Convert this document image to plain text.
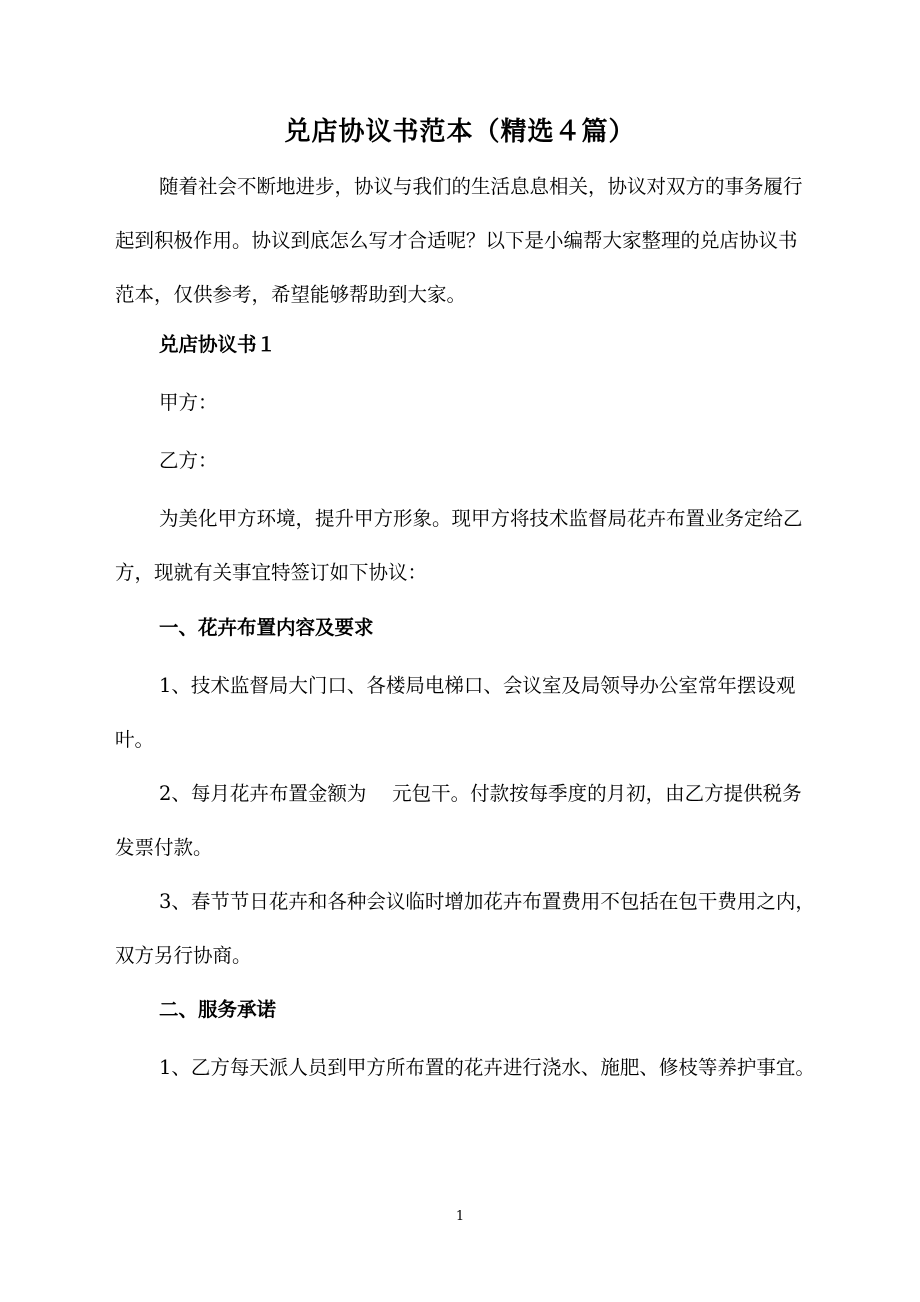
兑店协议书范本（精选４篇）

随着社会不断地进步，协议与我们的生活息息相关，协议对双方的事务履行起到积极作用。协议到底怎么写才合适呢？以下是小编帮大家整理的兑店协议书范本，仅供参考，希望能够帮助到大家。

兑店协议书１

甲方：

乙方：

为美化甲方环境，提升甲方形象。现甲方将技术监督局花卉布置业务定给乙方，现就有关事宜特签订如下协议：

一、花卉布置内容及要求

1、技术监督局大门口、各楼局电梯口、会议室及局领导办公室常年摆设观叶。

2、每月花卉布置金额为　 元包干。付款按每季度的月初，由乙方提供税务发票付款。

3、春节节日花卉和各种会议临时增加花卉布置费用不包括在包干费用之内，双方另行协商。

二、服务承诺

1、乙方每天派人员到甲方所布置的花卉进行浇水、施肥、修枝等养护事宜。

1
